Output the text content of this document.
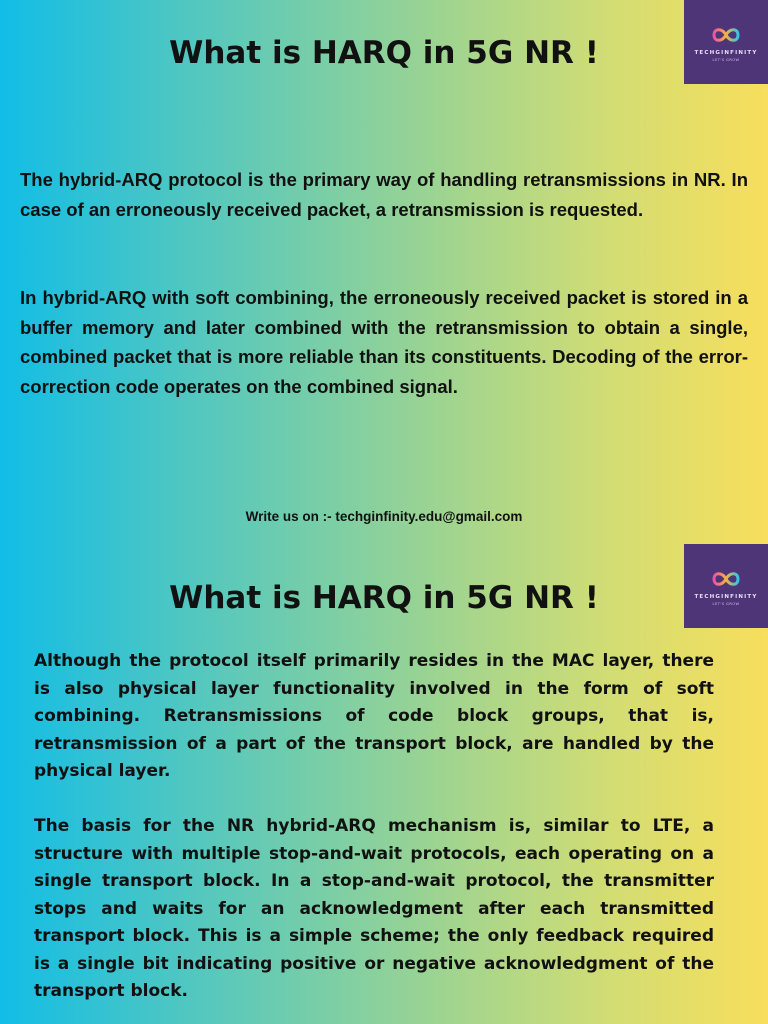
What is HARQ in 5G NR !	TECHGINFINITY
LET'S GROW

The hybrid-ARQ protocol is the primary way of handling retransmissions in NR. In case of an erroneously received packet, a retransmission is requested.

In hybrid-ARQ with soft combining, the erroneously received packet is stored in a buffer memory and later combined with the retransmission to obtain a single, combined packet that is more reliable than its constituents. Decoding of the error-correction code operates on the combined signal.

Write us on :- techginfinity.edu@gmail.com
What is HARQ in 5G NR !	TECHGINFINITY
LET'S GROW

Although the protocol itself primarily resides in the MAC layer, there is also physical layer functionality involved in the form of soft combining. Retransmissions of code block groups, that is, retransmission of a part of the transport block, are handled by the physical layer.

The basis for the NR hybrid-ARQ mechanism is, similar to LTE, a structure with multiple stop-and-wait protocols, each operating on a single transport block. In a stop-and-wait protocol, the transmitter stops and waits for an acknowledgment after each transmitted transport block. This is a simple scheme; the only feedback required is a single bit indicating positive or negative acknowledgment of the transport block.
